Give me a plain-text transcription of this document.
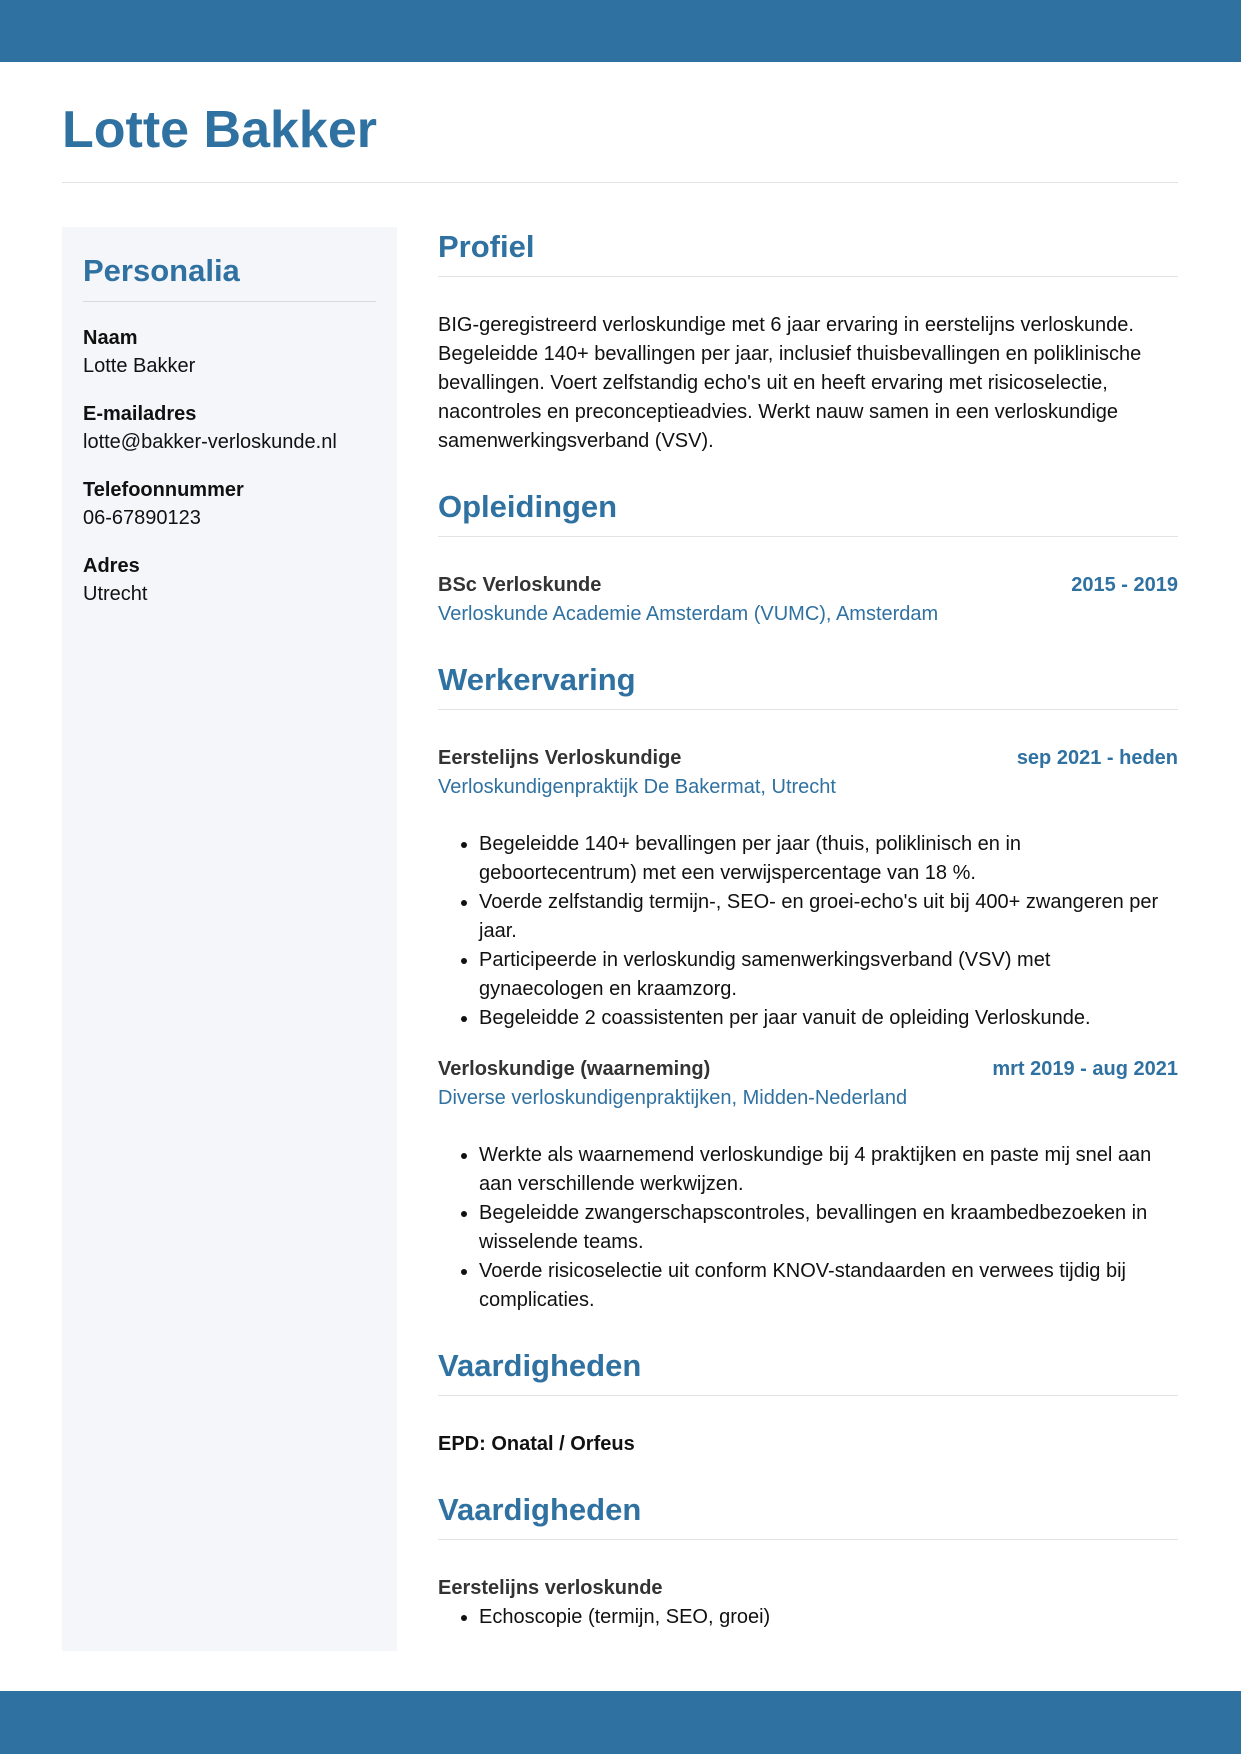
Lotte Bakker
Personalia
Naam
Lotte Bakker
E-mailadres
lotte@bakker-verloskunde.nl
Telefoonnummer
06-67890123
Adres
Utrecht
Profiel

BIG-geregistreerd verloskundige met 6 jaar ervaring in eerstelijns verloskunde. Begeleidde 140+ bevallingen per jaar, inclusief thuisbevallingen en poliklinische bevallingen. Voert zelfstandig echo's uit en heeft ervaring met risicoselectie, nacontroles en preconceptieadvies. Werkt nauw samen in een verloskundige samenwerkingsverband (VSV).

Opleidingen
BSc Verloskunde	2015 - 2019
Verloskunde Academie Amsterdam (VUMC), Amsterdam
Werkervaring
Eerstelijns Verloskundige	sep 2021 - heden
Verloskundigenpraktijk De Bakermat, Utrecht
• Begeleidde 140+ bevallingen per jaar (thuis, poliklinisch en in geboortecentrum) met een verwijspercentage van 18 %.
• Voerde zelfstandig termijn-, SEO- en groei-echo's uit bij 400+ zwangeren per jaar.
• Participeerde in verloskundig samenwerkingsverband (VSV) met gynaecologen en kraamzorg.
• Begeleidde 2 coassistenten per jaar vanuit de opleiding Verloskunde.
Verloskundige (waarneming)	mrt 2019 - aug 2021
Diverse verloskundigenpraktijken, Midden-Nederland
• Werkte als waarnemend verloskundige bij 4 praktijken en paste mij snel aan aan verschillende werkwijzen.
• Begeleidde zwangerschapscontroles, bevallingen en kraambedbezoeken in wisselende teams.
• Voerde risicoselectie uit conform KNOV-standaarden en verwees tijdig bij complicaties.
Vaardigheden
EPD: Onatal / Orfeus
Vaardigheden
Eerstelijns verloskunde
• Echoscopie (termijn, SEO, groei)
